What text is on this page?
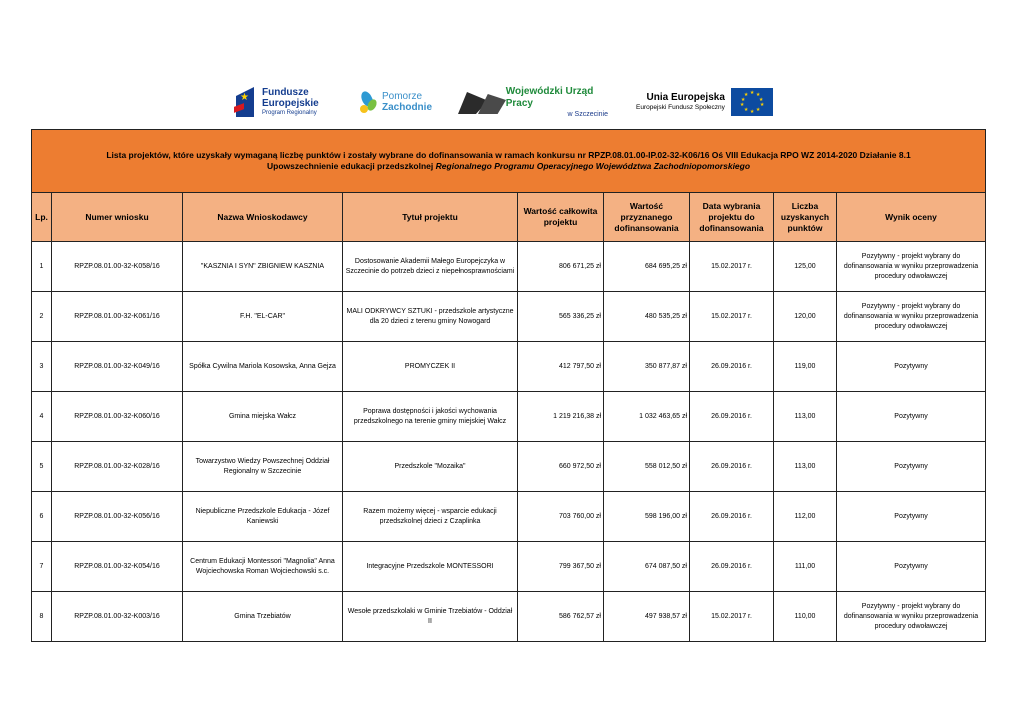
★ Fundusze
Europejskie
Program Regionalny
Pomorze
Zachodnie
Wojewódzki Urząd Pracy
w Szczecinie
Unia Europejska
Europejski Fundusz Społeczny
★ ★
★
★
★
★
★
★
★
★
Lista projektów, które uzyskały wymaganą liczbę punktów i zostały wybrane do dofinansowania w ramach konkursu nr RPZP.08.01.00-IP.02-32-K06/16 Oś VIII Edukacja RPO WZ 2014-2020 Działanie 8.1
Upowszechnienie edukacji przedszkolnej Regionalnego Programu Operacyjnego Województwa Zachodniopomorskiego								
Lp.	Numer wniosku	Nazwa Wnioskodawcy	Tytuł projektu	Wartość całkowita projektu	Wartość przyznanego dofinansowania	Data wybrania projektu do dofinansowania	Liczba uzyskanych punktów	Wynik oceny
1	RPZP.08.01.00-32-K058/16	"KASZNIA I SYN" ZBIGNIEW KASZNIA	Dostosowanie Akademii Małego Europejczyka w Szczecinie do potrzeb dzieci z niepełnosprawnościami	806 671,25 zł	684 695,25 zł	15.02.2017 r.	125,00	Pozytywny - projekt wybrany do dofinansowania w wyniku przeprowadzenia procedury odwoławczej
2	RPZP.08.01.00-32-K061/16	F.H. "EL-CAR"	MALI ODKRYWCY SZTUKI - przedszkole artystyczne dla 20 dzieci z terenu gminy Nowogard	565 336,25 zł	480 535,25 zł	15.02.2017 r.	120,00	Pozytywny - projekt wybrany do dofinansowania w wyniku przeprowadzenia procedury odwoławczej
3	RPZP.08.01.00-32-K049/16	Spółka Cywilna Mariola Kosowska, Anna Gejza	PROMYCZEK II	412 797,50 zł	350 877,87 zł	26.09.2016 r.	119,00	Pozytywny
4	RPZP.08.01.00-32-K060/16	Gmina miejska Wałcz	Poprawa dostępności i jakości wychowania przedszkolnego na terenie gminy miejskiej Wałcz	1 219 216,38 zł	1 032 463,65 zł	26.09.2016 r.	113,00	Pozytywny
5	RPZP.08.01.00-32-K028/16	Towarzystwo Wiedzy Powszechnej Oddział Regionalny w Szczecinie	Przedszkole "Mozaika"	660 972,50 zł	558 012,50 zł	26.09.2016 r.	113,00	Pozytywny
6	RPZP.08.01.00-32-K056/16	Niepubliczne Przedszkole Edukacja - Józef Kaniewski	Razem możemy więcej - wsparcie edukacji przedszkolnej dzieci z Czaplinka	703 760,00 zł	598 196,00 zł	26.09.2016 r.	112,00	Pozytywny
7	RPZP.08.01.00-32-K054/16	Centrum Edukacji Montessori "Magnolia" Anna Wojciechowska Roman Wojciechowski s.c.	Integracyjne Przedszkole MONTESSORI	799 367,50 zł	674 087,50 zł	26.09.2016 r.	111,00	Pozytywny
8	RPZP.08.01.00-32-K003/16	Gmina Trzebiatów	Wesołe przedszkolaki w Gminie Trzebiatów - Oddział II	586 762,57 zł	497 938,57 zł	15.02.2017 r.	110,00	Pozytywny - projekt wybrany do dofinansowania w wyniku przeprowadzenia procedury odwoławczej
